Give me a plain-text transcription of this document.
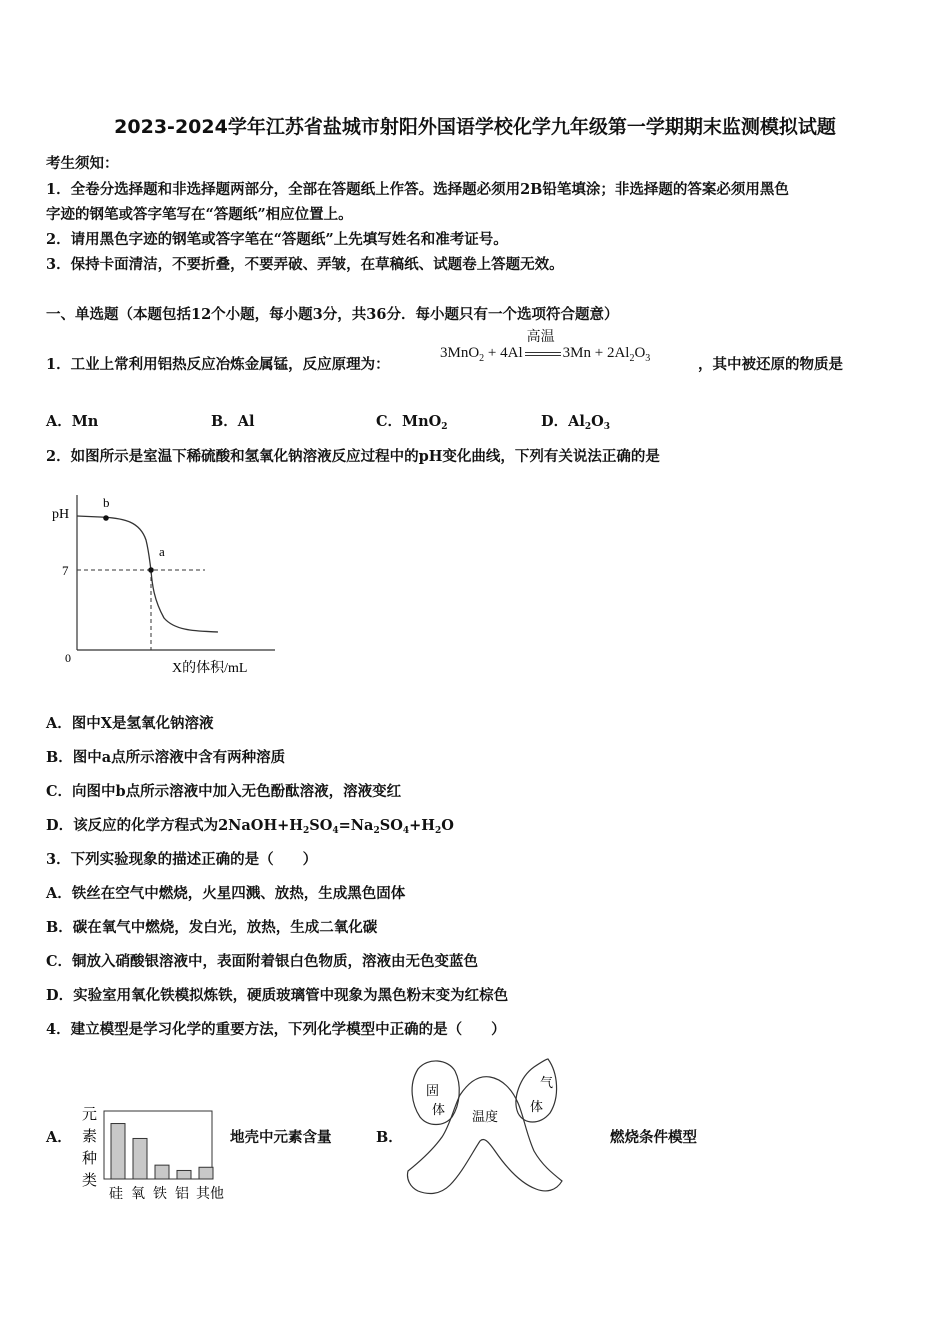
2023-2024学年江苏省盐城市射阳外国语学校化学九年级第一学期期末监测模拟试题
考生须知：
1．全卷分选择题和非选择题两部分，全部在答题纸上作答。选择题必须用2B铅笔填涂；非选择题的答案必须用黑色
字迹的钢笔或答字笔写在“答题纸”相应位置上。
2．请用黑色字迹的钢笔或答字笔在“答题纸”上先填写姓名和准考证号。
3．保持卡面清洁，不要折叠，不要弄破、弄皱，在草稿纸、试题卷上答题无效。
一、单选题（本题包括12个小题，每小题3分，共36分．每小题只有一个选项符合题意）
1．工业上常利用铝热反应冶炼金属锰，反应原理为：
3MnO$_2$ + 4Al
高温
$3Mn + 2Al_2O_3$	，其中被还原的物质是
A．Mn	B．Al	C．MnO$_2$	D．$Al_2O_3$
2．如图所示是室温下稀硫酸和氢氧化钠溶液反应过程中的pH变化曲线，下列有关说法正确的是
pH
7
0
X的体积/mL
b
a
A．图中X是氢氧化钠溶液
B．图中a点所示溶液中含有两种溶质
C．向图中b点所示溶液中加入无色酚酞溶液，溶液变红
D．该反应的化学方程式为$2NaOH+H_2SO_4=Na_2SO_4+H_2O$
3．下列实验现象的描述正确的是（　　）
A．铁丝在空气中燃烧，火星四溅、放热，生成黑色固体
B．碳在氧气中燃烧，发白光，放热，生成二氧化碳
C．铜放入硝酸银溶液中，表面附着银白色物质，溶液由无色变蓝色
D．实验室用氧化铁模拟炼铁，硬质玻璃管中现象为黑色粉末变为红棕色
4．建立模型是学习化学的重要方法，下列化学模型中正确的是（　　）
A．
元
素
种
类
硅 氧 铁 铝 其他
地壳中元素含量	B．
固
体
气
体
温度
燃烧条件模型
